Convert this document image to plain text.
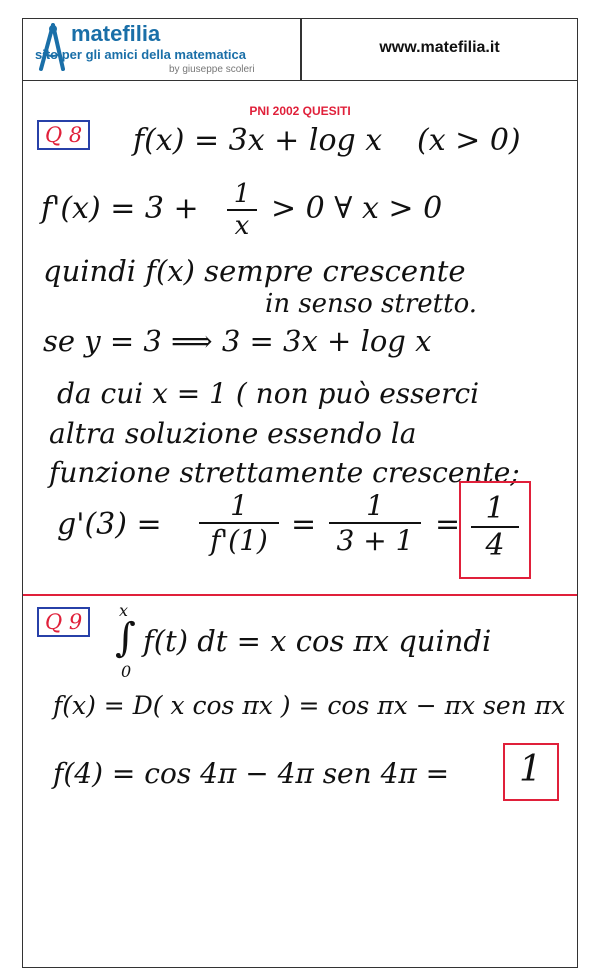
matefilia
sito per gli amici della matematica
by giuseppe scoleri
www.matefilia.it
PNI 2002 QUESITI
Q 8 f(x) = 3x + log x (x > 0)
$f'(x) = 3 + \frac{1}{x} > 0$ ∀ x > 0
quindi f(x) sempre crescente
in senso stretto.
se y = 3 ⟹ 3 = 3x + log x
da cui x = 1 ( non può esserci
altra soluzione essendo la
funzione strettamente crescente;
$g'(3) = \frac{1}{f'(1)} = \frac{1}{3 + 1} = \frac{1}{4}$
Q 9	x
∫
0
f(t) dt = x cos πx quindi
f(x) = D( x cos πx ) = cos πx − πx sen πx
f(4) = cos 4π − 4π sen 4π = 1
